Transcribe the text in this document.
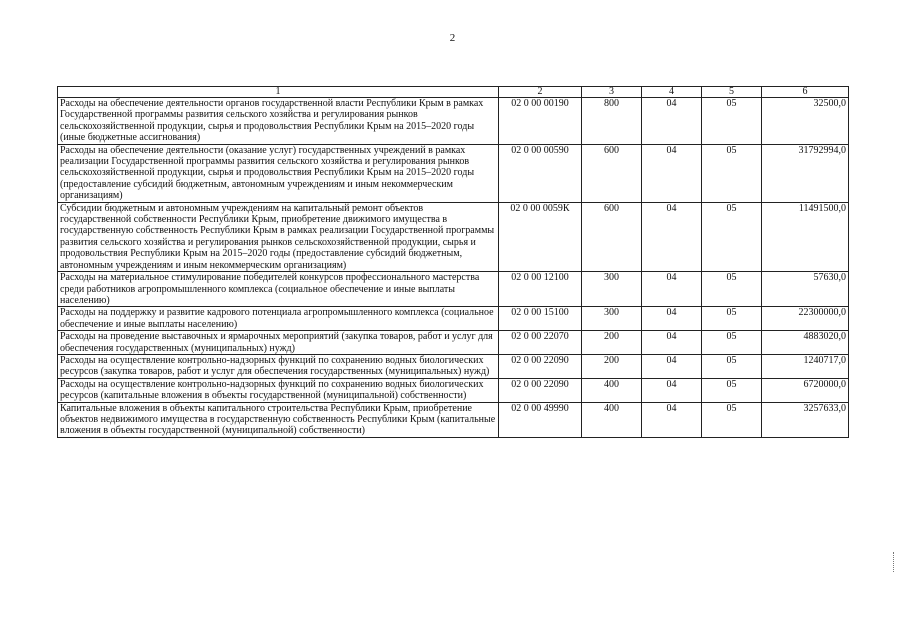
2
1	2	3	4	5	6
Расходы на обеспечение деятельности органов государственной власти Республики Крым в рамках Государственной программы развития сельского хозяйства и регулирования рынков сельскохозяйственной продукции, сырья и продовольствия Республики Крым на 2015–2020 годы (иные бюджетные ассигнования)	02 0 00 00190	800	04	05	32500,0
Расходы на обеспечение деятельности (оказание услуг) государственных учреждений в рамках реализации Государственной программы развития сельского хозяйства и регулирования рынков сельскохозяйственной продукции, сырья и продовольствия Республики Крым на 2015–2020 годы (предоставление субсидий бюджетным, автономным учреждениям и иным некоммерческим организациям)	02 0 00 00590	600	04	05	31792994,0
Субсидии бюджетным и автономным учреждениям на капитальный ремонт объектов государственной собственности Республики Крым, приобретение движимого имущества в государственную собственность Республики Крым в рамках реализации Государственной программы развития сельского хозяйства и регулирования рынков сельскохозяйственной продукции, сырья и продовольствия Республики Крым на 2015–2020 годы (предоставление субсидий бюджетным, автономным учреждениям и иным некоммерческим организациям)	02 0 00 0059К	600	04	05	11491500,0
Расходы на материальное стимулирование победителей конкурсов профессионального мастерства среди работников агропромышленного комплекса (социальное обеспечение и иные выплаты населению)	02 0 00 12100	300	04	05	57630,0
Расходы на поддержку и развитие кадрового потенциала агропромышленного комплекса (социальное обеспечение и иные выплаты населению)	02 0 00 15100	300	04	05	22300000,0
Расходы на проведение выставочных и ярмарочных мероприятий (закупка товаров, работ и услуг для обеспечения государственных (муниципальных) нужд)	02 0 00 22070	200	04	05	4883020,0
Расходы на осуществление контрольно-надзорных функций по сохранению водных биологических ресурсов (закупка товаров, работ и услуг для обеспечения государственных (муниципальных) нужд)	02 0 00 22090	200	04	05	1240717,0
Расходы на осуществление контрольно-надзорных функций по сохранению водных биологических ресурсов (капитальные вложения в объекты государственной (муниципальной) собственности)	02 0 00 22090	400	04	05	6720000,0
Капитальные вложения в объекты капитального строительства Республики Крым, приобретение объектов недвижимого имущества в государственную собственность Республики Крым (капитальные вложения в объекты государственной (муниципальной) собственности)	02 0 00 49990	400	04	05	3257633,0
